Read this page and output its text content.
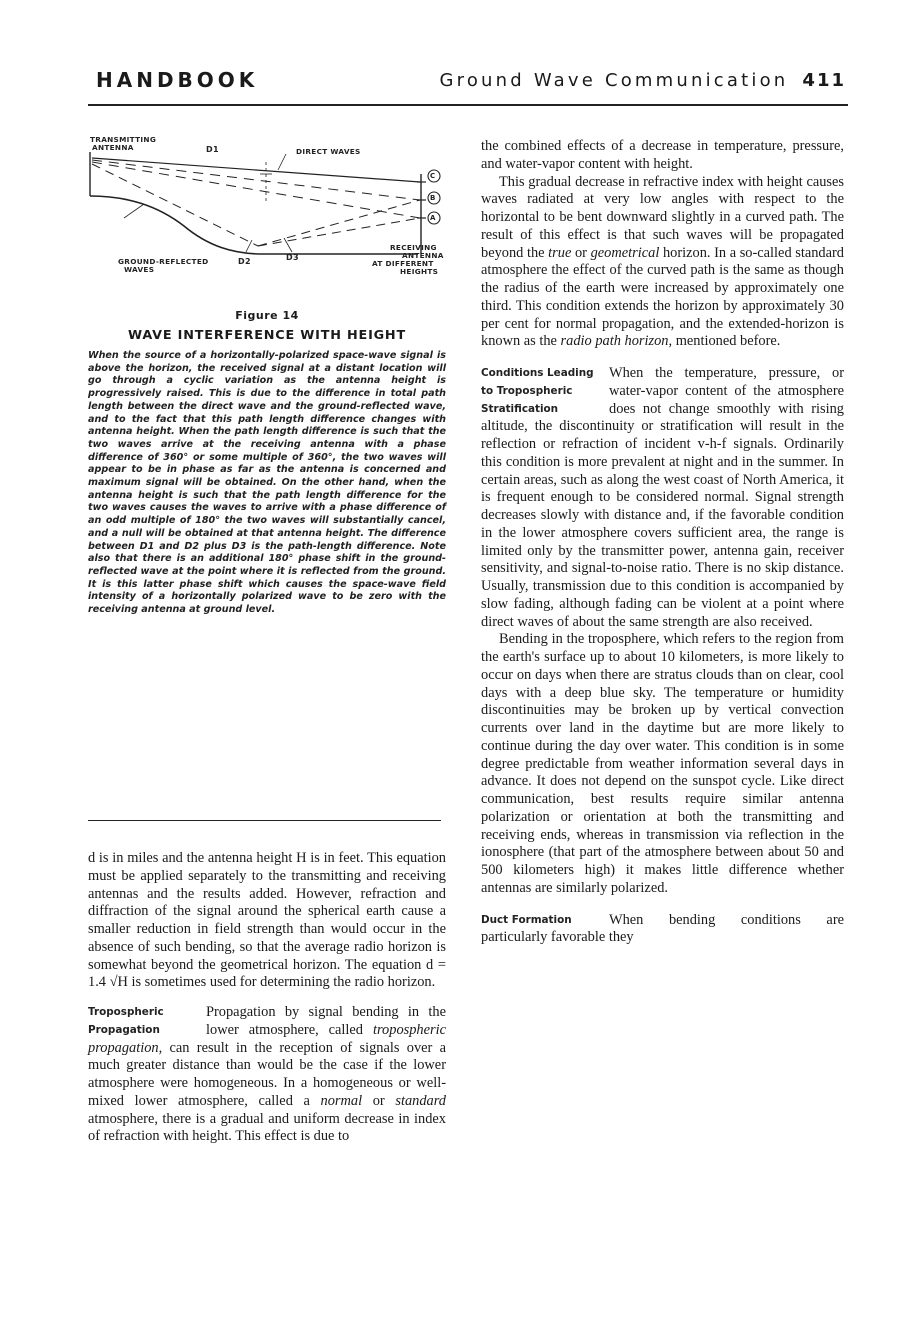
HANDBOOK	Ground Wave Communication 411
TRANSMITTING
ANTENNA	D1	DIRECT WAVES
C
B
A
GROUND-REFLECTED
WAVES
D2	D3
RECEIVING
ANTENNA
AT DIFFERENT
HEIGHTS
Figure 14
WAVE INTERFERENCE WITH HEIGHT
When the source of a horizontally-polarized space-wave signal is above the horizon, the received signal at a distant location will go through a cyclic variation as the antenna height is progressively raised. This is due to the difference in total path length between the direct wave and the ground-reflected wave, and to the fact that this path length difference changes with antenna height. When the path length difference is such that the two waves arrive at the receiving antenna with a phase difference of 360° or some multiple of 360°, the two waves will appear to be in phase as far as the antenna is concerned and maximum signal will be obtained. On the other hand, when the antenna height is such that the path length difference for the two waves causes the waves to arrive with a phase difference of an odd multiple of 180° the two waves will substantially cancel, and a null will be obtained at that antenna height. The difference between D1 and D2 plus D3 is the path-length difference. Note also that there is an additional 180° phase shift in the ground-reflected wave at the point where it is reflected from the ground. It is this latter phase shift which causes the space-wave field intensity of a horizontally polarized wave to be zero with the receiving antenna at ground level.

d is in miles and the antenna height H is in feet. This equation must be applied separately to the transmitting and receiving antennas and the results added. However, refraction and diffraction of the signal around the spherical earth cause a smaller reduction in field strength than would occur in the absence of such bending, so that the average radio horizon is somewhat beyond the geometrical horizon. The equation d = 1.4 √H is sometimes used for determining the radio horizon.

Tropospheric Propagation

Propagation by signal bending in the lower atmosphere, called tropospheric propagation, can result in the reception of signals over a much greater distance than would be the case if the lower atmosphere were homogeneous. In a homogeneous or well-mixed lower atmosphere, called a normal or standard atmosphere, there is a gradual and uniform decrease in index of refraction with height. This effect is due to

the combined effects of a decrease in temperature, pressure, and water-vapor content with height.

This gradual decrease in refractive index with height causes waves radiated at very low angles with respect to the horizontal to be bent downward slightly in a curved path. The result of this effect is that such waves will be propagated beyond the true or geometrical horizon. In a so-called standard atmosphere the effect of the curved path is the same as though the radius of the earth were increased by approximately one third. This condition extends the horizon by approximately 30 per cent for normal propagation, and the extended-horizon is known as the radio path horizon, mentioned before.

Conditions Leading to Tropospheric Stratification

When the temperature, pressure, or water-vapor content of the atmosphere does not change smoothly with rising altitude, the discontinuity or stratification will result in the reflection or refraction of incident v-h-f signals. Ordinarily this condition is more prevalent at night and in the summer. In certain areas, such as along the west coast of North America, it is frequent enough to be considered normal. Signal strength decreases slowly with distance and, if the favorable condition in the lower atmosphere covers sufficient area, the range is limited only by the transmitter power, antenna gain, receiver sensitivity, and signal-to-noise ratio. There is no skip distance. Usually, transmission due to this condition is accompanied by slow fading, although fading can be violent at a point where direct waves of about the same strength are also received.

Bending in the troposphere, which refers to the region from the earth's surface up to about 10 kilometers, is more likely to occur on days when there are stratus clouds than on clear, cool days with a deep blue sky. The temperature or humidity discontinuities may be broken up by vertical convection currents over land in the daytime but are more likely to continue during the day over water. This condition is in some degree predictable from weather information several days in advance. It does not depend on the sunspot cycle. Like direct communication, best results require similar antenna polarization or orientation at both the transmitting and receiving ends, whereas in transmission via reflection in the ionosphere (that part of the atmosphere between about 50 and 500 kilometers high) it makes little difference whether antennas are similarly polarized.

Duct Formation	When bending conditions are particularly favorable they
